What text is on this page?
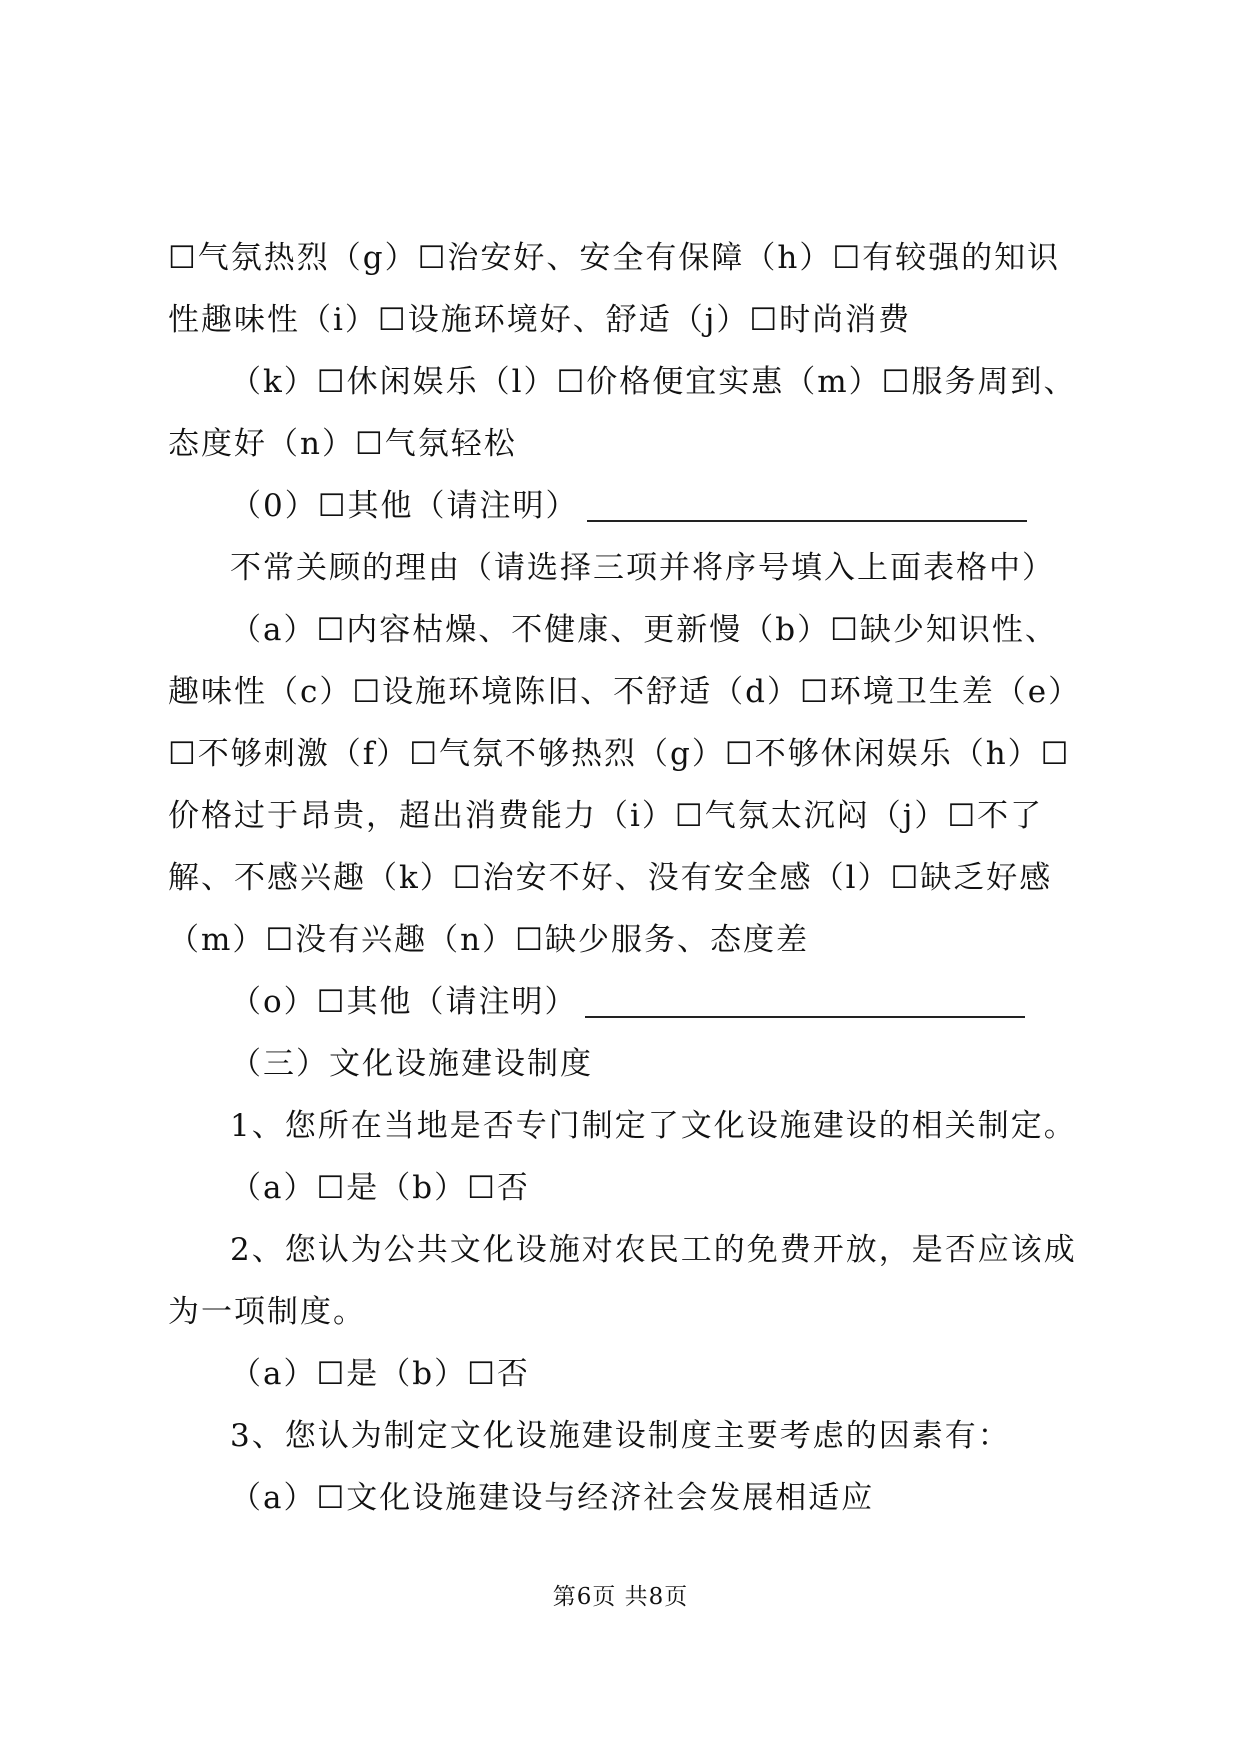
☐气氛热烈（g）☐治安好、安全有保障（h）☐有较强的知识性趣味性（i）☐设施环境好、舒适（j）☐时尚消费

（k）☐休闲娱乐（l）☐价格便宜实惠（m）☐服务周到、态度好（n）☐气氛轻松

（0）☐其他（请注明）

不常关顾的理由（请选择三项并将序号填入上面表格中）

（a）☐内容枯燥、不健康、更新慢（b）☐缺少知识性、趣味性（c）☐设施环境陈旧、不舒适（d）☐环境卫生差（e）☐不够刺激（f）☐气氛不够热烈（g）☐不够休闲娱乐（h）☐价格过于昂贵，超出消费能力（i）☐气氛太沉闷（j）☐不了解、不感兴趣（k）☐治安不好、没有安全感（l）☐缺乏好感（m）☐没有兴趣（n）☐缺少服务、态度差

（o）☐其他（请注明）

（三）文化设施建设制度

1、您所在当地是否专门制定了文化设施建设的相关制定。

（a）☐是（b）☐否

2、您认为公共文化设施对农民工的免费开放，是否应该成为一项制度。

（a）☐是（b）☐否

3、您认为制定文化设施建设制度主要考虑的因素有：

（a）☐文化设施建设与经济社会发展相适应

第6页 共8页
